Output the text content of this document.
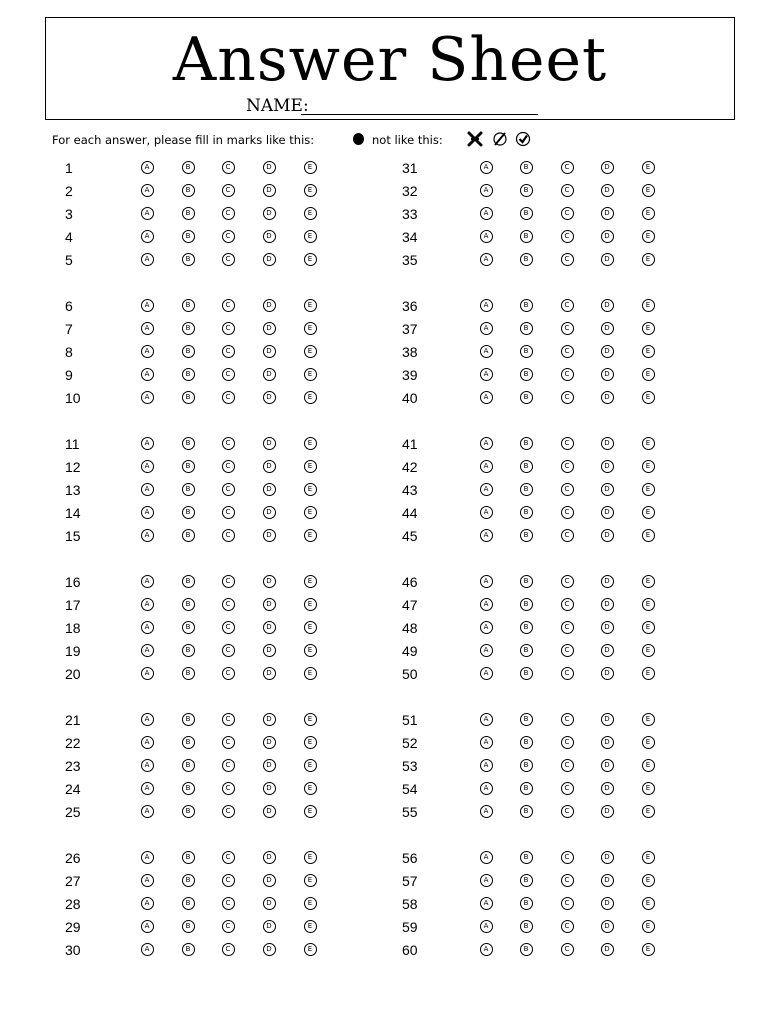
Answer Sheet
NAME:
For each answer, please fill in marks like this:	not like this:
1	A	B	C	D	E
2	A	B	C	D	E
3	A	B	C	D	E
4	A	B	C	D	E
5	A	B	C	D	E
6	A	B	C	D	E
7	A	B	C	D	E
8	A	B	C	D	E
9	A	B	C	D	E
10	A	B	C	D	E
11	A	B	C	D	E
12	A	B	C	D	E
13	A	B	C	D	E
14	A	B	C	D	E
15	A	B	C	D	E
16	A	B	C	D	E
17	A	B	C	D	E
18	A	B	C	D	E
19	A	B	C	D	E
20	A	B	C	D	E
21	A	B	C	D	E
22	A	B	C	D	E
23	A	B	C	D	E
24	A	B	C	D	E
25	A	B	C	D	E
26	A	B	C	D	E
27	A	B	C	D	E
28	A	B	C	D	E
29	A	B	C	D	E
30	A	B	C	D	E
31	A	B	C	D	E
32	A	B	C	D	E
33	A	B	C	D	E
34	A	B	C	D	E
35	A	B	C	D	E
36	A	B	C	D	E
37	A	B	C	D	E
38	A	B	C	D	E
39	A	B	C	D	E
40	A	B	C	D	E
41	A	B	C	D	E
42	A	B	C	D	E
43	A	B	C	D	E
44	A	B	C	D	E
45	A	B	C	D	E
46	A	B	C	D	E
47	A	B	C	D	E
48	A	B	C	D	E
49	A	B	C	D	E
50	A	B	C	D	E
51	A	B	C	D	E
52	A	B	C	D	E
53	A	B	C	D	E
54	A	B	C	D	E
55	A	B	C	D	E
56	A	B	C	D	E
57	A	B	C	D	E
58	A	B	C	D	E
59	A	B	C	D	E
60	A	B	C	D	E
